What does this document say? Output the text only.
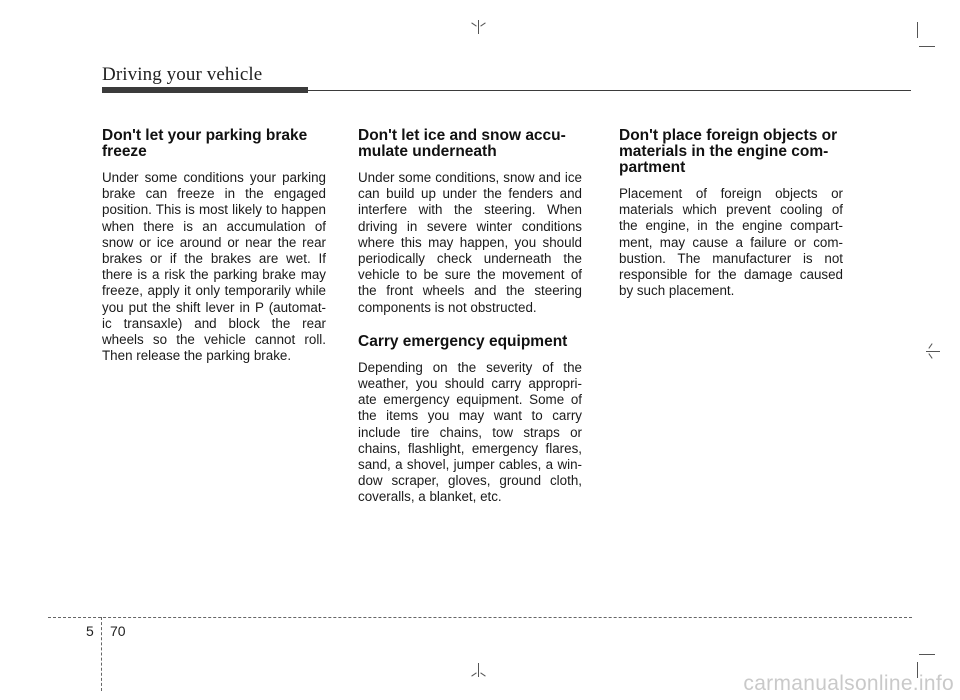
Driving your vehicle
Don't let your parking brake freeze

Under some conditions your parking brake can freeze in the engaged position. This is most likely to happen when there is an accumulation of snow or ice around or near the rear brakes or if the brakes are wet. If there is a risk the parking brake may freeze, apply it only temporarily while you put the shift lever in P (automat-ic transaxle) and block the rear wheels so the vehicle cannot roll. Then release the parking brake.

Don't let ice and snow accu-mulate underneath

Under some conditions, snow and ice can build up under the fenders and interfere with the steering. When driving in severe winter conditions where this may happen, you should periodically check underneath the vehicle to be sure the movement of the front wheels and the steering components is not obstructed.

Carry emergency equipment

Depending on the severity of the weather, you should carry appropri-ate emergency equipment. Some of the items you may want to carry include tire chains, tow straps or chains, flashlight, emergency flares, sand, a shovel, jumper cables, a win-dow scraper, gloves, ground cloth, coveralls, a blanket, etc.

Don't place foreign objects or materials in the engine com-partment

Placement of foreign objects or materials which prevent cooling of the engine, in the engine compart-ment, may cause a failure or com-bustion. The manufacturer is not responsible for the damage caused by such placement.

5 70
carmanualsonline.info
